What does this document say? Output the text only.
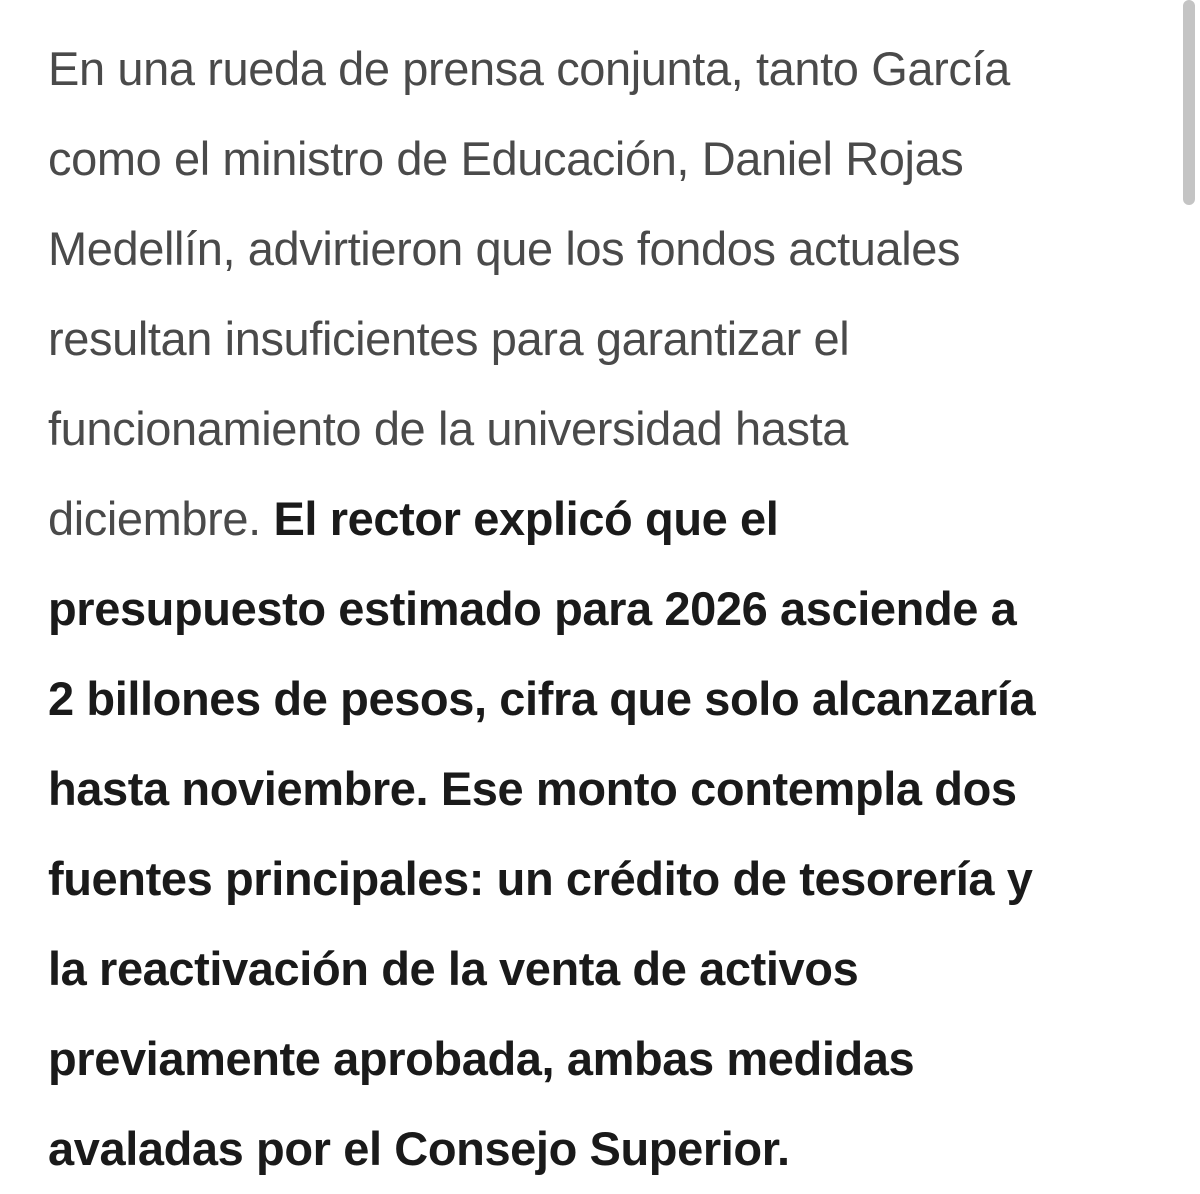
En una rueda de prensa conjunta, tanto García
como el ministro de Educación, Daniel Rojas
Medellín, advirtieron que los fondos actuales
resultan insuficientes para garantizar el
funcionamiento de la universidad hasta
diciembre. El rector explicó que el
presupuesto estimado para 2026 asciende a
2 billones de pesos, cifra que solo alcanzaría
hasta noviembre. Ese monto contempla dos
fuentes principales: un crédito de tesorería y
la reactivación de la venta de activos
previamente aprobada, ambas medidas
avaladas por el Consejo Superior.
